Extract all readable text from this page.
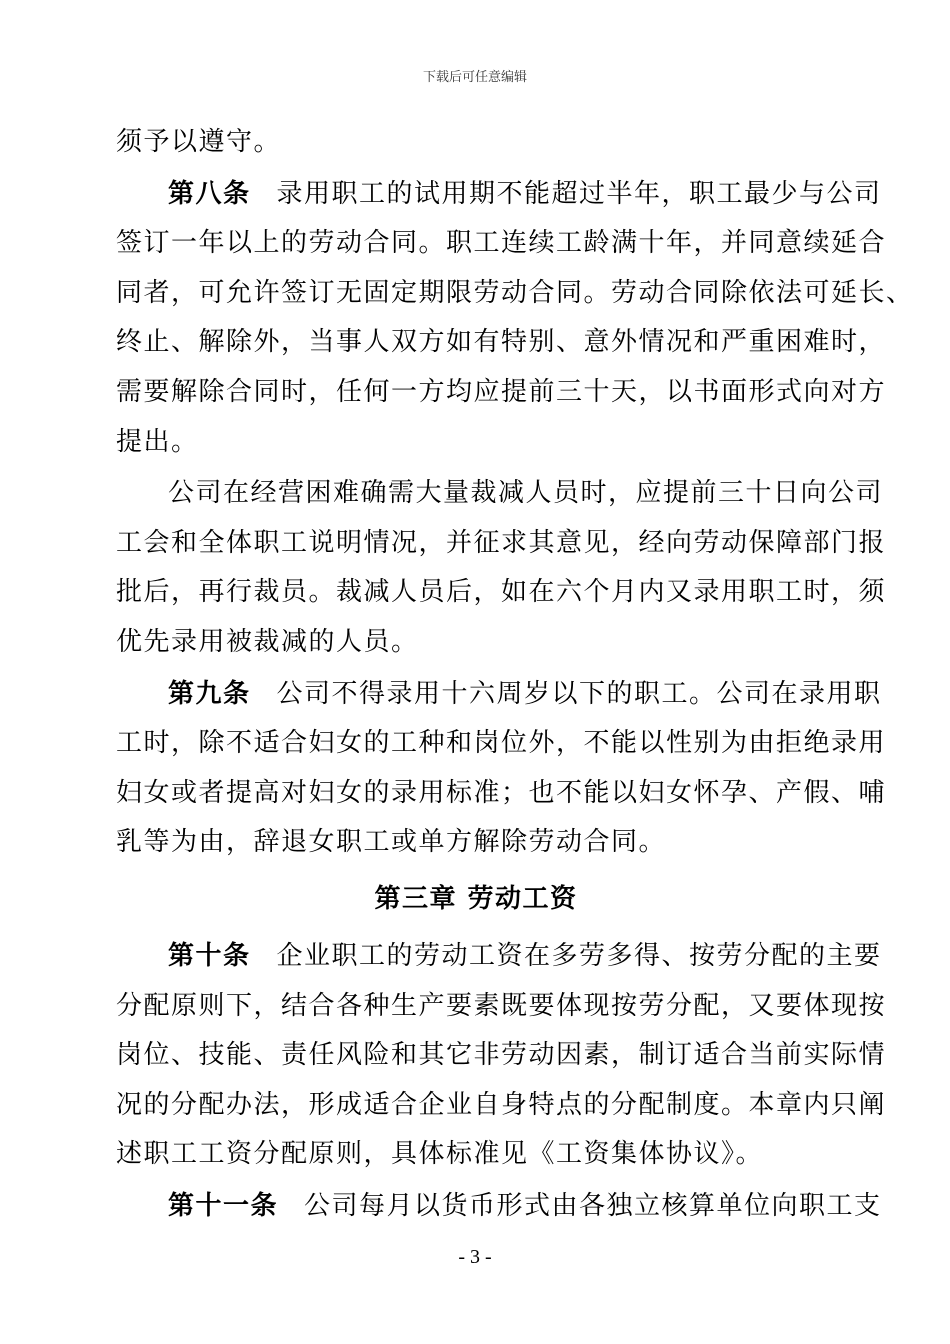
下载后可任意编辑
须予以遵守。
第八条 录用职工的试用期不能超过半年，职工最少与公司
签订一年以上的劳动合同。职工连续工龄满十年，并同意续延合
同者，可允许签订无固定期限劳动合同。劳动合同除依法可延长、
终止、解除外，当事人双方如有特别、意外情况和严重困难时，
需要解除合同时，任何一方均应提前三十天，以书面形式向对方
提出。
公司在经营困难确需大量裁减人员时，应提前三十日向公司
工会和全体职工说明情况，并征求其意见，经向劳动保障部门报
批后，再行裁员。裁减人员后，如在六个月内又录用职工时，须
优先录用被裁减的人员。
第九条 公司不得录用十六周岁以下的职工。公司在录用职
工时，除不适合妇女的工种和岗位外，不能以性别为由拒绝录用
妇女或者提高对妇女的录用标准；也不能以妇女怀孕、产假、哺
乳等为由，辞退女职工或单方解除劳动合同。
第三章 劳动工资
第十条 企业职工的劳动工资在多劳多得、按劳分配的主要
分配原则下，结合各种生产要素既要体现按劳分配，又要体现按
岗位、技能、责任风险和其它非劳动因素，制订适合当前实际情
况的分配办法，形成适合企业自身特点的分配制度。本章内只阐
述职工工资分配原则，具体标准见《工资集体协议》。
第十一条 公司每月以货币形式由各独立核算单位向职工支
- 3 -
